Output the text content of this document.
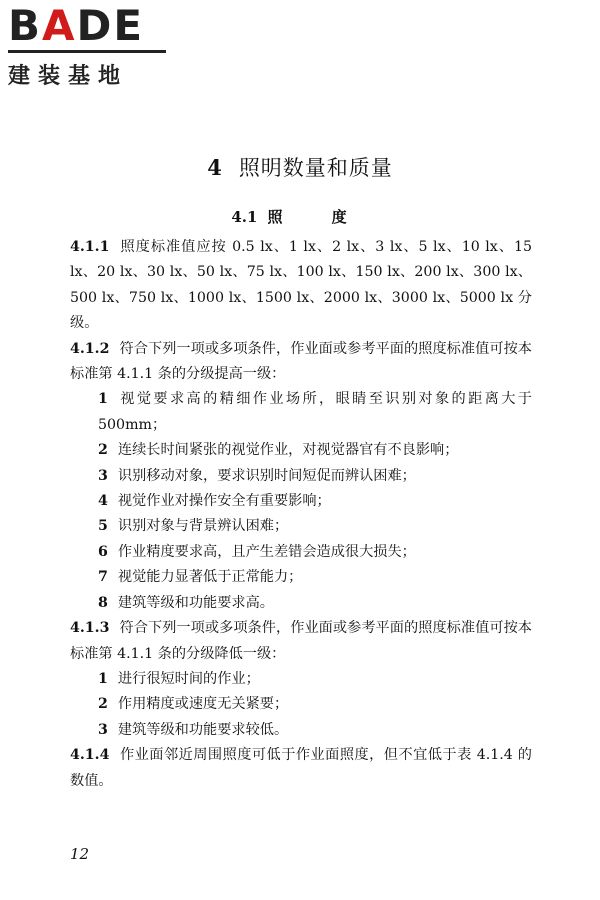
B A DE
建装基地
4 照明数量和质量
4.1 照 度

4.1.1 照度标准值应按 0.5 lx、1 lx、2 lx、3 lx、5 lx、10 lx、15 lx、20 lx、30 lx、50 lx、75 lx、100 lx、150 lx、200 lx、300 lx、500 lx、750 lx、1000 lx、1500 lx、2000 lx、3000 lx、5000 lx 分级。

4.1.2 符合下列一项或多项条件，作业面或参考平面的照度标准值可按本标准第 4.1.1 条的分级提高一级：

1 视觉要求高的精细作业场所，眼睛至识别对象的距离大于 500mm；

2 连续长时间紧张的视觉作业，对视觉器官有不良影响；

3 识别移动对象，要求识别时间短促而辨认困难；

4 视觉作业对操作安全有重要影响；

5 识别对象与背景辨认困难；

6 作业精度要求高，且产生差错会造成很大损失；

7 视觉能力显著低于正常能力；

8 建筑等级和功能要求高。

4.1.3 符合下列一项或多项条件，作业面或参考平面的照度标准值可按本标准第 4.1.1 条的分级降低一级：

1 进行很短时间的作业；

2 作用精度或速度无关紧要；

3 建筑等级和功能要求较低。

4.1.4 作业面邻近周围照度可低于作业面照度，但不宜低于表 4.1.4 的数值。

12
